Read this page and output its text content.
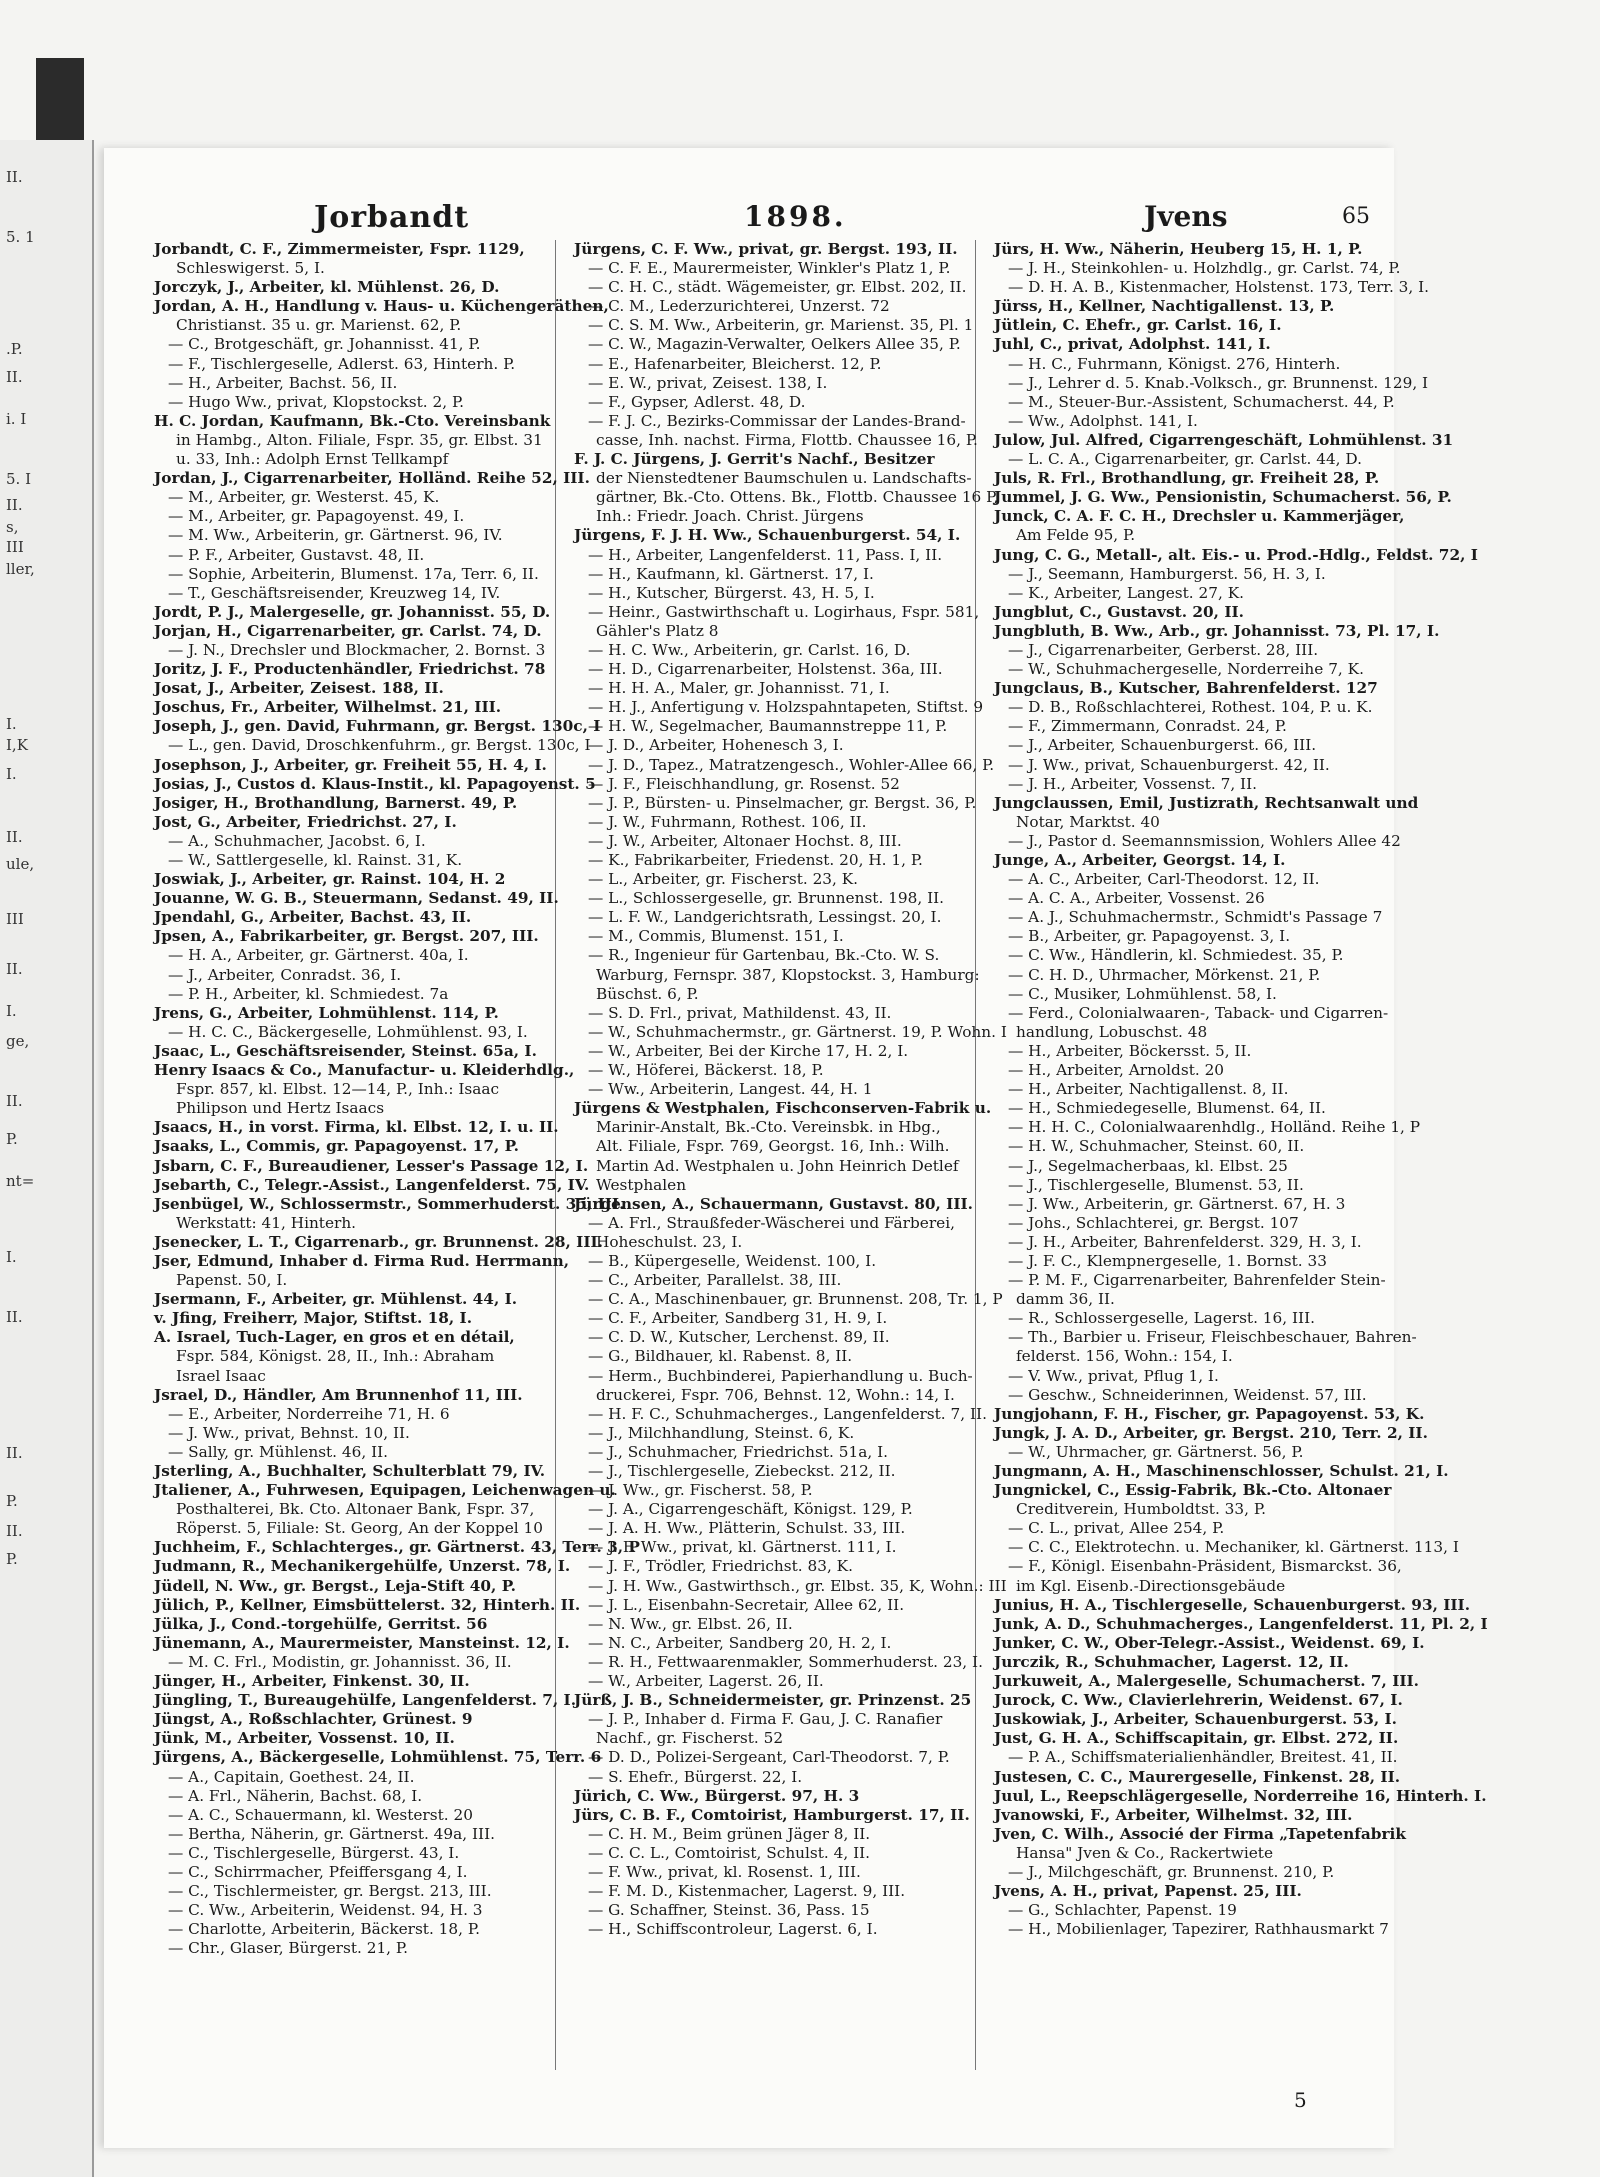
II.
5. 1
.P.
II.
i. I
5. I
II.
s,
III
ller,
I.
I,K
I.
II.
ule,
III
II.
I.
ge,
II.
P.
nt=
I.
II.
II.
P.
II.
P.
Jorbandt	1898.	Jvens	65

Jorbandt, C. F., Zimmermeister, Fspr. 1129,

Schleswigerst. 5, I.

Jorczyk, J., Arbeiter, kl. Mühlenst. 26, D.

Jordan, A. H., Handlung v. Haus- u. Küchengeräthen,

Christianst. 35 u. gr. Marienst. 62, P.

— C., Brotgeschäft, gr. Johannisst. 41, P.

— F., Tischlergeselle, Adlerst. 63, Hinterh. P.

— H., Arbeiter, Bachst. 56, II.

— Hugo Ww., privat, Klopstockst. 2, P.

H. C. Jordan, Kaufmann, Bk.-Cto. Vereinsbank

in Hambg., Alton. Filiale, Fspr. 35, gr. Elbst. 31

u. 33, Inh.: Adolph Ernst Tellkampf

Jordan, J., Cigarrenarbeiter, Holländ. Reihe 52, III.

— M., Arbeiter, gr. Westerst. 45, K.

— M., Arbeiter, gr. Papagoyenst. 49, I.

— M. Ww., Arbeiterin, gr. Gärtnerst. 96, IV.

— P. F., Arbeiter, Gustavst. 48, II.

— Sophie, Arbeiterin, Blumenst. 17a, Terr. 6, II.

— T., Geschäftsreisender, Kreuzweg 14, IV.

Jordt, P. J., Malergeselle, gr. Johannisst. 55, D.

Jorjan, H., Cigarrenarbeiter, gr. Carlst. 74, D.

— J. N., Drechsler und Blockmacher, 2. Bornst. 3

Joritz, J. F., Productenhändler, Friedrichst. 78

Josat, J., Arbeiter, Zeisest. 188, II.

Joschus, Fr., Arbeiter, Wilhelmst. 21, III.

Joseph, J., gen. David, Fuhrmann, gr. Bergst. 130c, I

— L., gen. David, Droschkenfuhrm., gr. Bergst. 130c, I

Josephson, J., Arbeiter, gr. Freiheit 55, H. 4, I.

Josias, J., Custos d. Klaus-Instit., kl. Papagoyenst. 5

Josiger, H., Brothandlung, Barnerst. 49, P.

Jost, G., Arbeiter, Friedrichst. 27, I.

— A., Schuhmacher, Jacobst. 6, I.

— W., Sattlergeselle, kl. Rainst. 31, K.

Joswiak, J., Arbeiter, gr. Rainst. 104, H. 2

Jouanne, W. G. B., Steuermann, Sedanst. 49, II.

Jpendahl, G., Arbeiter, Bachst. 43, II.

Jpsen, A., Fabrikarbeiter, gr. Bergst. 207, III.

— H. A., Arbeiter, gr. Gärtnerst. 40a, I.

— J., Arbeiter, Conradst. 36, I.

— P. H., Arbeiter, kl. Schmiedest. 7a

Jrens, G., Arbeiter, Lohmühlenst. 114, P.

— H. C. C., Bäckergeselle, Lohmühlenst. 93, I.

Jsaac, L., Geschäftsreisender, Steinst. 65a, I.

Henry Isaacs & Co., Manufactur- u. Kleiderhdlg.,

Fspr. 857, kl. Elbst. 12—14, P., Inh.: Isaac

Philipson und Hertz Isaacs

Jsaacs, H., in vorst. Firma, kl. Elbst. 12, I. u. II.

Jsaaks, L., Commis, gr. Papagoyenst. 17, P.

Jsbarn, C. F., Bureaudiener, Lesser's Passage 12, I.

Jsebarth, C., Telegr.-Assist., Langenfelderst. 75, IV.

Jsenbügel, W., Schlossermstr., Sommerhuderst. 35, III.

Werkstatt: 41, Hinterh.

Jsenecker, L. T., Cigarrenarb., gr. Brunnenst. 28, III.

Jser, Edmund, Inhaber d. Firma Rud. Herrmann,

Papenst. 50, I.

Jsermann, F., Arbeiter, gr. Mühlenst. 44, I.

v. Jfing, Freiherr, Major, Stiftst. 18, I.

A. Israel, Tuch-Lager, en gros et en détail,

Fspr. 584, Königst. 28, II., Inh.: Abraham

Israel Isaac

Jsrael, D., Händler, Am Brunnenhof 11, III.

— E., Arbeiter, Norderreihe 71, H. 6

— J. Ww., privat, Behnst. 10, II.

— Sally, gr. Mühlenst. 46, II.

Jsterling, A., Buchhalter, Schulterblatt 79, IV.

Jtaliener, A., Fuhrwesen, Equipagen, Leichenwagen u.

Posthalterei, Bk. Cto. Altonaer Bank, Fspr. 37,

Röperst. 5, Filiale: St. Georg, An der Koppel 10

Juchheim, F., Schlachterges., gr. Gärtnerst. 43, Terr. 3, P

Judmann, R., Mechanikergehülfe, Unzerst. 78, I.

Jüdell, N. Ww., gr. Bergst., Leja-Stift 40, P.

Jülich, P., Kellner, Eimsbüttelerst. 32, Hinterh. II.

Jülka, J., Cond.-torgehülfe, Gerritst. 56

Jünemann, A., Maurermeister, Mansteinst. 12, I.

— M. C. Frl., Modistin, gr. Johannisst. 36, II.

Jünger, H., Arbeiter, Finkenst. 30, II.

Jüngling, T., Bureaugehülfe, Langenfelderst. 7, I.

Jüngst, A., Roßschlachter, Grünest. 9

Jünk, M., Arbeiter, Vossenst. 10, II.

Jürgens, A., Bäckergeselle, Lohmühlenst. 75, Terr. 6

— A., Capitain, Goethest. 24, II.

— A. Frl., Näherin, Bachst. 68, I.

— A. C., Schauermann, kl. Westerst. 20

— Bertha, Näherin, gr. Gärtnerst. 49a, III.

— C., Tischlergeselle, Bürgerst. 43, I.

— C., Schirrmacher, Pfeiffersgang 4, I.

— C., Tischlermeister, gr. Bergst. 213, III.

— C. Ww., Arbeiterin, Weidenst. 94, H. 3

— Charlotte, Arbeiterin, Bäckerst. 18, P.

— Chr., Glaser, Bürgerst. 21, P.

Jürgens, C. F. Ww., privat, gr. Bergst. 193, II.

— C. F. E., Maurermeister, Winkler's Platz 1, P.

— C. H. C., städt. Wägemeister, gr. Elbst. 202, II.

— C. M., Lederzurichterei, Unzerst. 72

— C. S. M. Ww., Arbeiterin, gr. Marienst. 35, Pl. 1

— C. W., Magazin-Verwalter, Oelkers Allee 35, P.

— E., Hafenarbeiter, Bleicherst. 12, P.

— E. W., privat, Zeisest. 138, I.

— F., Gypser, Adlerst. 48, D.

— F. J. C., Bezirks-Commissar der Landes-Brand-

casse, Inh. nachst. Firma, Flottb. Chaussee 16, P.

F. J. C. Jürgens, J. Gerrit's Nachf., Besitzer

der Nienstedtener Baumschulen u. Landschafts-

gärtner, Bk.-Cto. Ottens. Bk., Flottb. Chaussee 16 P,

Inh.: Friedr. Joach. Christ. Jürgens

Jürgens, F. J. H. Ww., Schauenburgerst. 54, I.

— H., Arbeiter, Langenfelderst. 11, Pass. I, II.

— H., Kaufmann, kl. Gärtnerst. 17, I.

— H., Kutscher, Bürgerst. 43, H. 5, I.

— Heinr., Gastwirthschaft u. Logirhaus, Fspr. 581,

Gähler's Platz 8

— H. C. Ww., Arbeiterin, gr. Carlst. 16, D.

— H. D., Cigarrenarbeiter, Holstenst. 36a, III.

— H. H. A., Maler, gr. Johannisst. 71, I.

— H. J., Anfertigung v. Holzspahntapeten, Stiftst. 9

— H. W., Segelmacher, Baumannstreppe 11, P.

— J. D., Arbeiter, Hohenesch 3, I.

— J. D., Tapez., Matratzengesch., Wohler-Allee 66, P.

— J. F., Fleischhandlung, gr. Rosenst. 52

— J. P., Bürsten- u. Pinselmacher, gr. Bergst. 36, P.

— J. W., Fuhrmann, Rothest. 106, II.

— J. W., Arbeiter, Altonaer Hochst. 8, III.

— K., Fabrikarbeiter, Friedenst. 20, H. 1, P.

— L., Arbeiter, gr. Fischerst. 23, K.

— L., Schlossergeselle, gr. Brunnenst. 198, II.

— L. F. W., Landgerichtsrath, Lessingst. 20, I.

— M., Commis, Blumenst. 151, I.

— R., Ingenieur für Gartenbau, Bk.-Cto. W. S.

Warburg, Fernspr. 387, Klopstockst. 3, Hamburg:

Büschst. 6, P.

— S. D. Frl., privat, Mathildenst. 43, II.

— W., Schuhmachermstr., gr. Gärtnerst. 19, P. Wohn. I

— W., Arbeiter, Bei der Kirche 17, H. 2, I.

— W., Höferei, Bäckerst. 18, P.

— Ww., Arbeiterin, Langest. 44, H. 1

Jürgens & Westphalen, Fischconserven-Fabrik u.

Marinir-Anstalt, Bk.-Cto. Vereinsbk. in Hbg.,

Alt. Filiale, Fspr. 769, Georgst. 16, Inh.: Wilh.

Martin Ad. Westphalen u. John Heinrich Detlef

Westphalen

Jürgensen, A., Schauermann, Gustavst. 80, III.

— A. Frl., Straußfeder-Wäscherei und Färberei,

Hoheschulst. 23, I.

— B., Küpergeselle, Weidenst. 100, I.

— C., Arbeiter, Parallelst. 38, III.

— C. A., Maschinenbauer, gr. Brunnenst. 208, Tr. 1, P

— C. F., Arbeiter, Sandberg 31, H. 9, I.

— C. D. W., Kutscher, Lerchenst. 89, II.

— G., Bildhauer, kl. Rabenst. 8, II.

— Herm., Buchbinderei, Papierhandlung u. Buch-

druckerei, Fspr. 706, Behnst. 12, Wohn.: 14, I.

— H. F. C., Schuhmacherges., Langenfelderst. 7, II.

— J., Milchhandlung, Steinst. 6, K.

— J., Schuhmacher, Friedrichst. 51a, I.

— J., Tischlergeselle, Ziebeckst. 212, II.

— J. Ww., gr. Fischerst. 58, P.

— J. A., Cigarrengeschäft, Königst. 129, P.

— J. A. H. Ww., Plätterin, Schulst. 33, III.

— J. F. Ww., privat, kl. Gärtnerst. 111, I.

— J. F., Trödler, Friedrichst. 83, K.

— J. H. Ww., Gastwirthsch., gr. Elbst. 35, K, Wohn.: III

— J. L., Eisenbahn-Secretair, Allee 62, II.

— N. Ww., gr. Elbst. 26, II.

— N. C., Arbeiter, Sandberg 20, H. 2, I.

— R. H., Fettwaarenmakler, Sommerhuderst. 23, I.

— W., Arbeiter, Lagerst. 26, II.

Jürß, J. B., Schneidermeister, gr. Prinzenst. 25

— J. P., Inhaber d. Firma F. Gau, J. C. Ranafier

Nachf., gr. Fischerst. 52

— D. D., Polizei-Sergeant, Carl-Theodorst. 7, P.

— S. Ehefr., Bürgerst. 22, I.

Jürich, C. Ww., Bürgerst. 97, H. 3

Jürs, C. B. F., Comtoirist, Hamburgerst. 17, II.

— C. H. M., Beim grünen Jäger 8, II.

— C. C. L., Comtoirist, Schulst. 4, II.

— F. Ww., privat, kl. Rosenst. 1, III.

— F. M. D., Kistenmacher, Lagerst. 9, III.

— G. Schaffner, Steinst. 36, Pass. 15

— H., Schiffscontroleur, Lagerst. 6, I.

Jürs, H. Ww., Näherin, Heuberg 15, H. 1, P.

— J. H., Steinkohlen- u. Holzhdlg., gr. Carlst. 74, P.

— D. H. A. B., Kistenmacher, Holstenst. 173, Terr. 3, I.

Jürss, H., Kellner, Nachtigallenst. 13, P.

Jütlein, C. Ehefr., gr. Carlst. 16, I.

Juhl, C., privat, Adolphst. 141, I.

— H. C., Fuhrmann, Königst. 276, Hinterh.

— J., Lehrer d. 5. Knab.-Volksch., gr. Brunnenst. 129, I

— M., Steuer-Bur.-Assistent, Schumacherst. 44, P.

— Ww., Adolphst. 141, I.

Julow, Jul. Alfred, Cigarrengeschäft, Lohmühlenst. 31

— L. C. A., Cigarrenarbeiter, gr. Carlst. 44, D.

Juls, R. Frl., Brothandlung, gr. Freiheit 28, P.

Jummel, J. G. Ww., Pensionistin, Schumacherst. 56, P.

Junck, C. A. F. C. H., Drechsler u. Kammerjäger,

Am Felde 95, P.

Jung, C. G., Metall-, alt. Eis.- u. Prod.-Hdlg., Feldst. 72, I

— J., Seemann, Hamburgerst. 56, H. 3, I.

— K., Arbeiter, Langest. 27, K.

Jungblut, C., Gustavst. 20, II.

Jungbluth, B. Ww., Arb., gr. Johannisst. 73, Pl. 17, I.

— J., Cigarrenarbeiter, Gerberst. 28, III.

— W., Schuhmachergeselle, Norderreihe 7, K.

Jungclaus, B., Kutscher, Bahrenfelderst. 127

— D. B., Roßschlachterei, Rothest. 104, P. u. K.

— F., Zimmermann, Conradst. 24, P.

— J., Arbeiter, Schauenburgerst. 66, III.

— J. Ww., privat, Schauenburgerst. 42, II.

— J. H., Arbeiter, Vossenst. 7, II.

Jungclaussen, Emil, Justizrath, Rechtsanwalt und

Notar, Marktst. 40

— J., Pastor d. Seemannsmission, Wohlers Allee 42

Junge, A., Arbeiter, Georgst. 14, I.

— A. C., Arbeiter, Carl-Theodorst. 12, II.

— A. C. A., Arbeiter, Vossenst. 26

— A. J., Schuhmachermstr., Schmidt's Passage 7

— B., Arbeiter, gr. Papagoyenst. 3, I.

— C. Ww., Händlerin, kl. Schmiedest. 35, P.

— C. H. D., Uhrmacher, Mörkenst. 21, P.

— C., Musiker, Lohmühlenst. 58, I.

— Ferd., Colonialwaaren-, Taback- und Cigarren-

handlung, Lobuschst. 48

— H., Arbeiter, Böckersst. 5, II.

— H., Arbeiter, Arnoldst. 20

— H., Arbeiter, Nachtigallenst. 8, II.

— H., Schmiedegeselle, Blumenst. 64, II.

— H. H. C., Colonialwaarenhdlg., Holländ. Reihe 1, P

— H. W., Schuhmacher, Steinst. 60, II.

— J., Segelmacherbaas, kl. Elbst. 25

— J., Tischlergeselle, Blumenst. 53, II.

— J. Ww., Arbeiterin, gr. Gärtnerst. 67, H. 3

— Johs., Schlachterei, gr. Bergst. 107

— J. H., Arbeiter, Bahrenfelderst. 329, H. 3, I.

— J. F. C., Klempnergeselle, 1. Bornst. 33

— P. M. F., Cigarrenarbeiter, Bahrenfelder Stein-

damm 36, II.

— R., Schlossergeselle, Lagerst. 16, III.

— Th., Barbier u. Friseur, Fleischbeschauer, Bahren-

felderst. 156, Wohn.: 154, I.

— V. Ww., privat, Pflug 1, I.

— Geschw., Schneiderinnen, Weidenst. 57, III.

Jungjohann, F. H., Fischer, gr. Papagoyenst. 53, K.

Jungk, J. A. D., Arbeiter, gr. Bergst. 210, Terr. 2, II.

— W., Uhrmacher, gr. Gärtnerst. 56, P.

Jungmann, A. H., Maschinenschlosser, Schulst. 21, I.

Jungnickel, C., Essig-Fabrik, Bk.-Cto. Altonaer

Creditverein, Humboldtst. 33, P.

— C. L., privat, Allee 254, P.

— C. C., Elektrotechn. u. Mechaniker, kl. Gärtnerst. 113, I

— F., Königl. Eisenbahn-Präsident, Bismarckst. 36,

im Kgl. Eisenb.-Directionsgebäude

Junius, H. A., Tischlergeselle, Schauenburgerst. 93, III.

Junk, A. D., Schuhmacherges., Langenfelderst. 11, Pl. 2, I

Junker, C. W., Ober-Telegr.-Assist., Weidenst. 69, I.

Jurczik, R., Schuhmacher, Lagerst. 12, II.

Jurkuweit, A., Malergeselle, Schumacherst. 7, III.

Jurock, C. Ww., Clavierlehrerin, Weidenst. 67, I.

Juskowiak, J., Arbeiter, Schauenburgerst. 53, I.

Just, G. H. A., Schiffscapitain, gr. Elbst. 272, II.

— P. A., Schiffsmaterialienhändler, Breitest. 41, II.

Justesen, C. C., Maurergeselle, Finkenst. 28, II.

Juul, L., Reepschlägergeselle, Norderreihe 16, Hinterh. I.

Jvanowski, F., Arbeiter, Wilhelmst. 32, III.

Jven, C. Wilh., Associé der Firma „Tapetenfabrik

Hansa" Jven & Co., Rackertwiete

— J., Milchgeschäft, gr. Brunnenst. 210, P.

Jvens, A. H., privat, Papenst. 25, III.

— G., Schlachter, Papenst. 19

— H., Mobilienlager, Tapezirer, Rathhausmarkt 7

5
